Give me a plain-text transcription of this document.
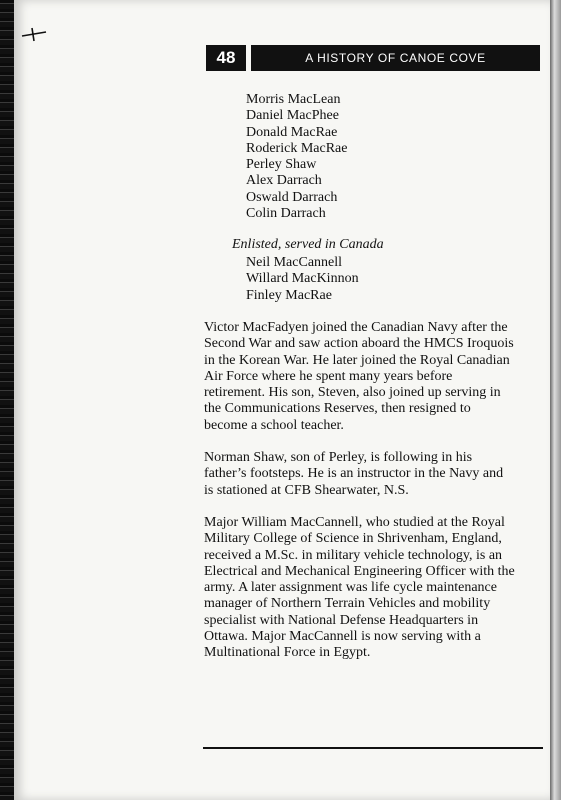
48	A HISTORY OF CANOE COVE
Morris MacLean
Daniel MacPhee
Donald MacRae
Roderick MacRae
Perley Shaw
Alex Darrach
Oswald Darrach
Colin Darrach
Enlisted, served in Canada
Neil MacCannell
Willard MacKinnon
Finley MacRae
Victor MacFadyen joined the Canadian Navy after the
Second War and saw action aboard the HMCS Iroquois
in the Korean War. He later joined the Royal Canadian
Air Force where he spent many years before
retirement. His son, Steven, also joined up serving in
the Communications Reserves, then resigned to
become a school teacher.
Norman Shaw, son of Perley, is following in his
father’s footsteps. He is an instructor in the Navy and
is stationed at CFB Shearwater, N.S.
Major William MacCannell, who studied at the Royal
Military College of Science in Shrivenham, England,
received a M.Sc. in military vehicle technology, is an
Electrical and Mechanical Engineering Officer with the
army. A later assignment was life cycle maintenance
manager of Northern Terrain Vehicles and mobility
specialist with National Defense Headquarters in
Ottawa. Major MacCannell is now serving with a
Multinational Force in Egypt.
